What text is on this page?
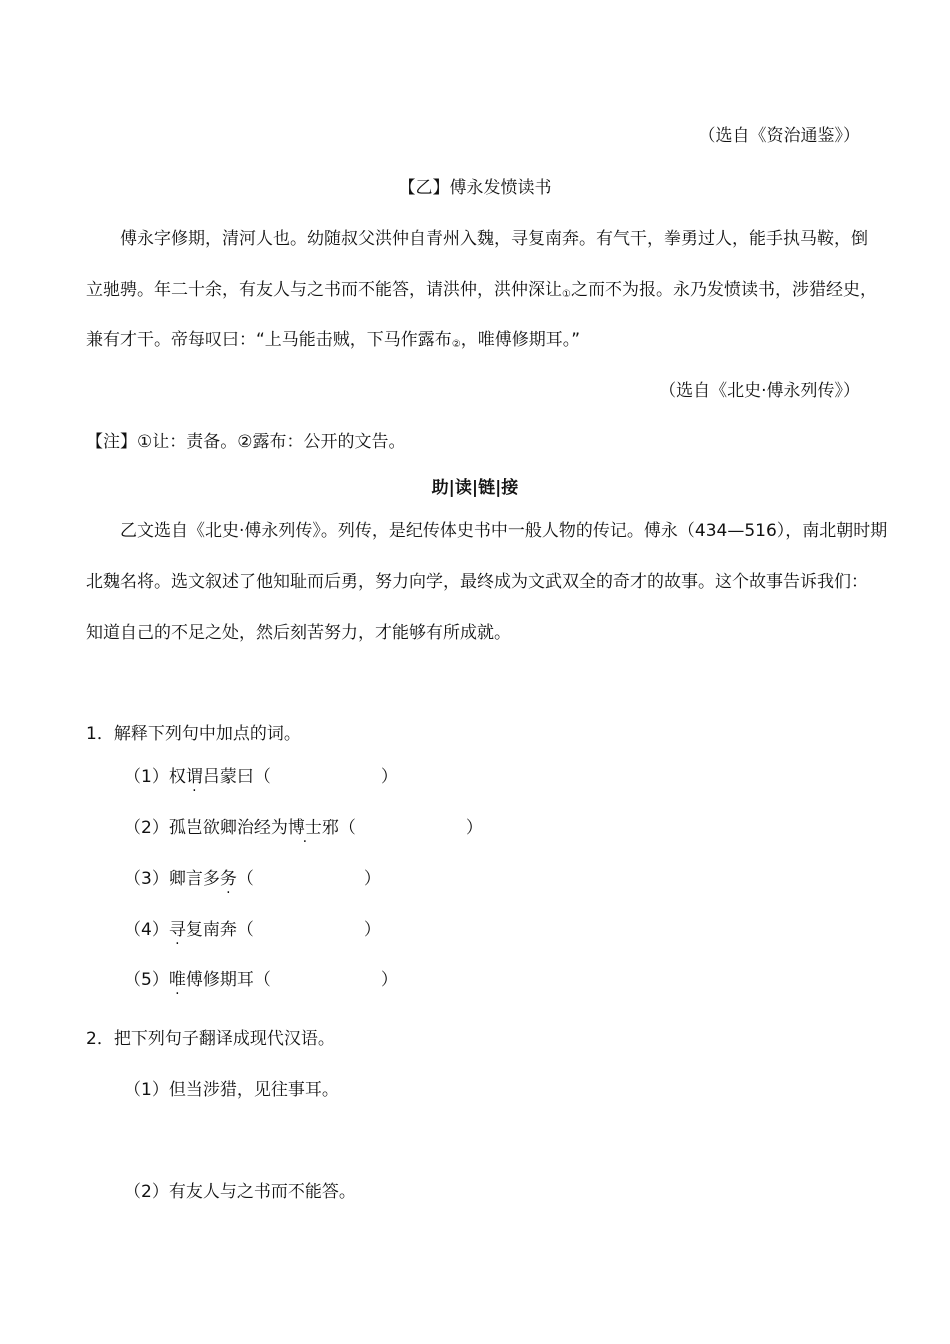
（选自《资治通鉴》）
【乙】傅永发愤读书
傅永字修期，清河人也。幼随叔父洪仲自青州入魏，寻复南奔。有气干，拳勇过人，能手执马鞍，倒
立驰骋。年二十余，有友人与之书而不能答，请洪仲，洪仲深让$_①$之而不为报。永乃发愤读书，涉猎经史，
兼有才干。帝每叹曰：“上马能击贼，下马作露布$_②$，唯傅修期耳。”
（选自《北史·傅永列传》）
【注】①让：责备。②露布：公开的文告。
助|读|链|接
乙文选自《北史·傅永列传》。列传，是纪传体史书中一般人物的传记。傅永（434—516），南北朝时期
北魏名将。选文叙述了他知耻而后勇，努力向学，最终成为文武双全的奇才的故事。这个故事告诉我们：
知道自己的不足之处，然后刻苦努力，才能够有所成就。
1．解释下列句中加点的词。
（1）权谓吕蒙曰（	）
（2）孤岂欲卿治经为博士邪（	）
（3）卿言多务（	）
（4）寻复南奔（	）
（5）唯傅修期耳（	）
2．把下列句子翻译成现代汉语。
（1）但当涉猎，见往事耳。
（2）有友人与之书而不能答。
